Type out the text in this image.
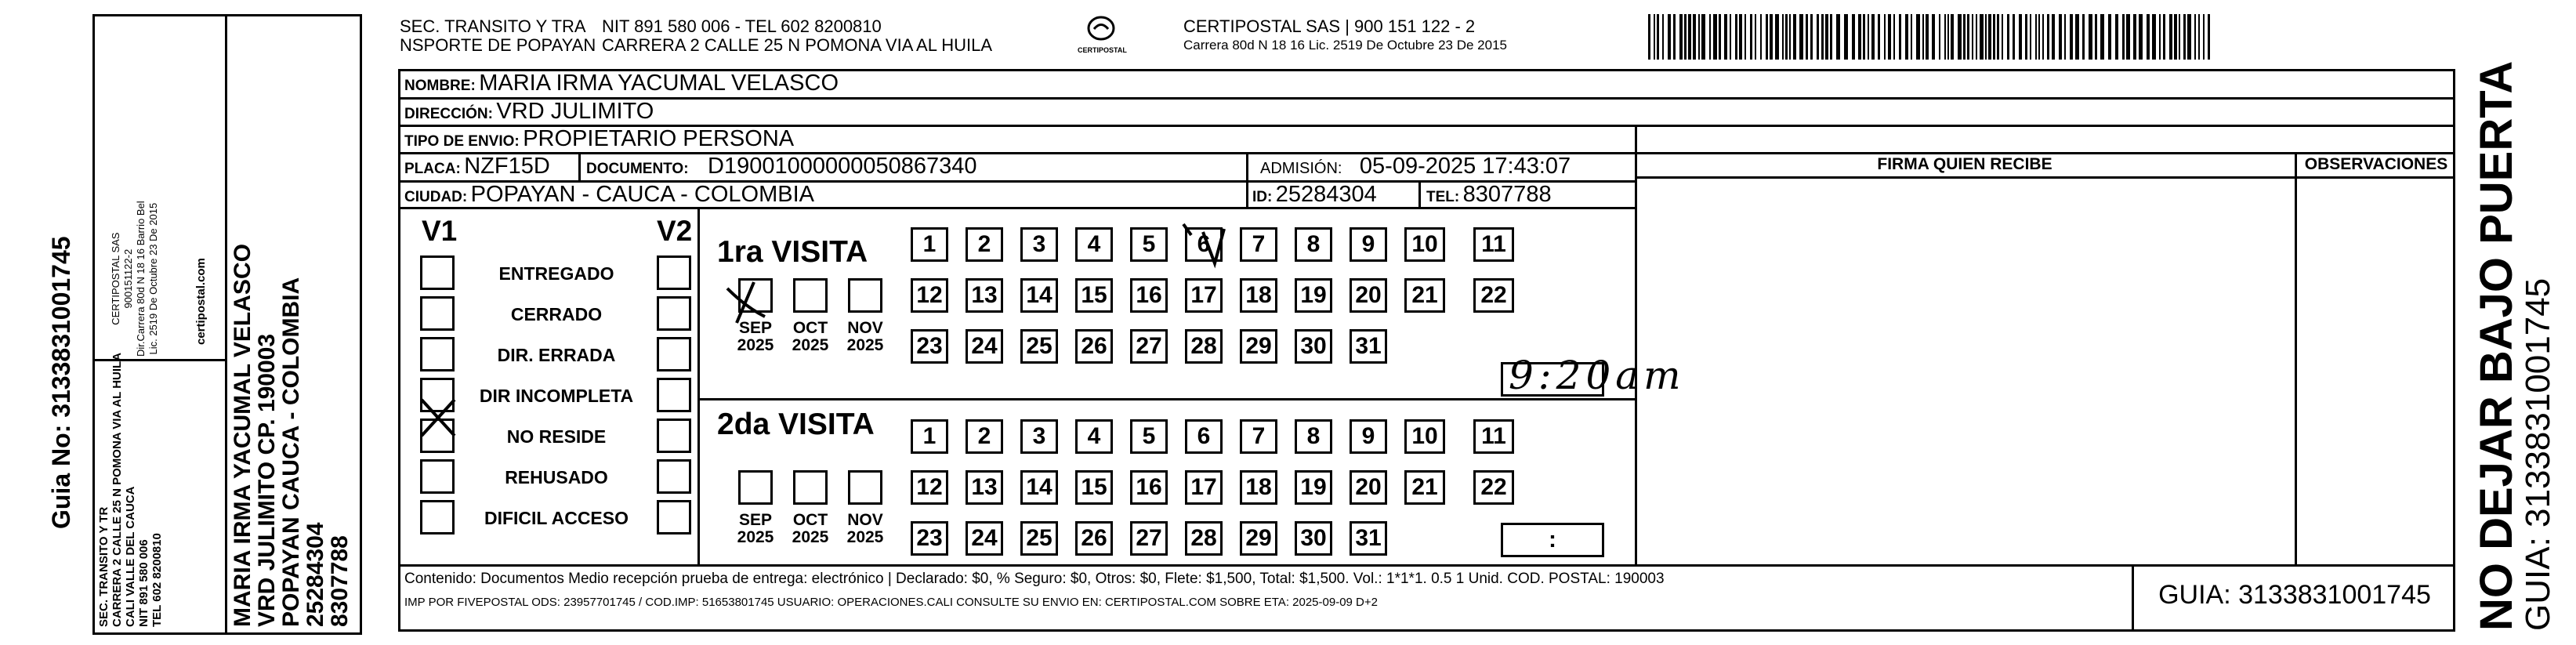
Guia No: 3133831001745
SEC. TRANSITO Y TR CARRERA 2 CALLE 25 N POMONA VIA AL HUILA CALI VALLE DEL CAUCA NIT 891 580 006 TEL 602 8200810
CERTIPOSTAL SAS 900151122-2 Dir.Carrera 80d N 18 16 Barrio Bel Lic. 2519 De Octubre 23 De 2015	certipostal.com MARIA IRMA YACUMAL VELASCO
VRD JULIMITO CP. 190003
POPAYAN CAUCA - COLOMBIA
25284304
8307788
SEC. TRANSITO Y TRA
NSPORTE DE POPAYAN
NIT 891 580 006 - TEL 602 8200810
CARRERA 2 CALLE 25 N POMONA VIA AL HUILA	CERTIPOSTAL
CERTIPOSTAL SAS | 900 151 122 - 2
Carrera 80d N 18 16 Lic. 2519 De Octubre 23 De 2015
NOMBRE: MARIA IRMA YACUMAL VELASCO
DIRECCIÓN: VRD JULIMITO
TIPO DE ENVIO: PROPIETARIO PERSONA
PLACA: NZF15D DOCUMENTO: D19001000000050867340	ADMISIÓN: 05-09-2025 17:43:07
CIUDAD: POPAYAN - CAUCA - COLOMBIA	ID: 25284304	TEL: 8307788
FIRMA QUIEN RECIBE	OBSERVACIONES
V1	V2
ENTREGADO
CERRADO
DIR. ERRADA
DIR INCOMPLETA
NO RESIDE
REHUSADO
DIFICIL ACCESO
1ra VISITA
2da VISITA
1	2	3	4	5	6	7	8	9	10	11
12 13 14 15 16 17 18 19 20	21	22
23 24 25 26 27 28 29 30 31
SEP
2025
OCT
2025
NOV
2025
1	2	3	4	5	6	7	8	9	10	11
12 13 14 15 16 17 18 19 20	21	22
23 24 25 26 27 28 29 30 31
SEP
2025
OCT
2025
NOV
2025	:
9:20am
Contenido: Documentos Medio recepción prueba de entrega: electrónico | Declarado: $0, % Seguro: $0, Otros: $0, Flete: $1,500, Total: $1,500. Vol.: 1*1*1. 0.5 1 Unid. COD. POSTAL: 190003
IMP POR FIVEPOSTAL ODS: 23957701745 / COD.IMP: 51653801745 USUARIO: OPERACIONES.CALI CONSULTE SU ENVIO EN: CERTIPOSTAL.COM SOBRE ETA: 2025-09-09 D+2	GUIA: 3133831001745 NO DEJAR BAJO PUERTA
GUIA: 3133831001745
